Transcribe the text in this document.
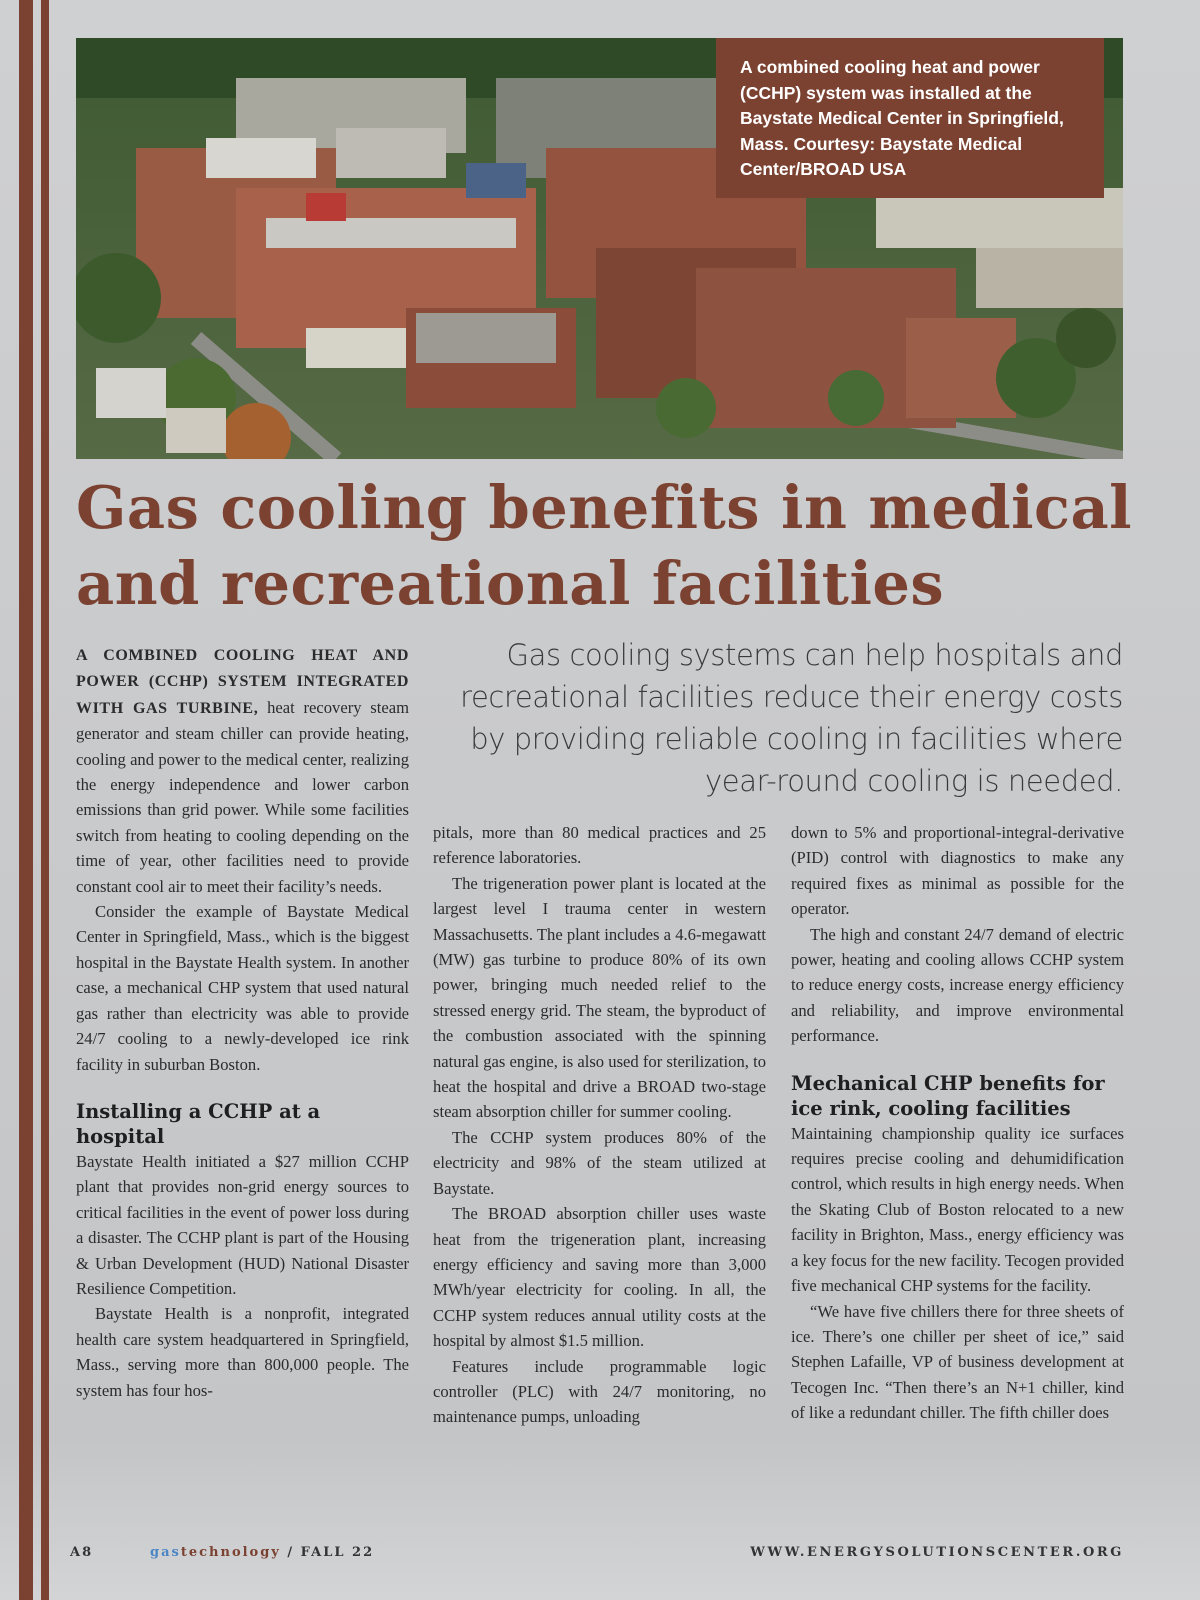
A combined cooling heat and power (CCHP) system was installed at the Baystate Medical Center in Springfield, Mass. Courtesy: Baystate Medical Center/BROAD USA
Gas cooling benefits in medical
and recreational facilities

Gas cooling systems can help hospitals and recreational facilities reduce their energy costs by providing reliable cooling in facilities where year-round cooling is needed.

A COMBINED COOLING HEAT AND POWER (CCHP) SYSTEM INTEGRATED WITH GAS TURBINE, heat recovery steam generator and steam chiller can provide heating, cooling and power to the medical center, realizing the energy independence and lower carbon emissions than grid power. While some facilities switch from heating to cooling depending on the time of year, other facilities need to provide constant cool air to meet their facility’s needs.

Consider the example of Baystate Medical Center in Springfield, Mass., which is the biggest hospital in the Baystate Health system. In another case, a mechanical CHP system that used natural gas rather than electricity was able to provide 24/7 cooling to a newly-developed ice rink facility in suburban Boston.

Installing a CCHP at a hospital

Baystate Health initiated a $27 million CCHP plant that provides non-grid energy sources to critical facilities in the event of power loss during a disaster. The CCHP plant is part of the Housing & Urban Development (HUD) National Disaster Resilience Competition.

Baystate Health is a nonprofit, integrated health care system headquartered in Springfield, Mass., serving more than 800,000 people. The system has four hos-

pitals, more than 80 medical practices and 25 reference laboratories.

The trigeneration power plant is located at the largest level I trauma center in western Massachusetts. The plant includes a 4.6-megawatt (MW) gas turbine to produce 80% of its own power, bringing much needed relief to the stressed energy grid. The steam, the byproduct of the combustion associated with the spinning natural gas engine, is also used for sterilization, to heat the hospital and drive a BROAD two-stage steam absorption chiller for summer cooling.

The CCHP system produces 80% of the electricity and 98% of the steam utilized at Baystate.

The BROAD absorption chiller uses waste heat from the trigeneration plant, increasing energy efficiency and saving more than 3,000 MWh/year electricity for cooling. In all, the CCHP system reduces annual utility costs at the hospital by almost $1.5 million.

Features include programmable logic controller (PLC) with 24/7 monitoring, no maintenance pumps, unloading

down to 5% and proportional-integral-derivative (PID) control with diagnostics to make any required fixes as minimal as possible for the operator.

The high and constant 24/7 demand of electric power, heating and cooling allows CCHP system to reduce energy costs, increase energy efficiency and reliability, and improve environmental performance.

Mechanical CHP benefits for ice rink, cooling facilities

Maintaining championship quality ice surfaces requires precise cooling and dehumidification control, which results in high energy needs. When the Skating Club of Boston relocated to a new facility in Brighton, Mass., energy efficiency was a key focus for the new facility. Tecogen provided five mechanical CHP systems for the facility.

“We have five chillers there for three sheets of ice. There’s one chiller per sheet of ice,” said Stephen Lafaille, VP of business development at Tecogen Inc. “Then there’s an N+1 chiller, kind of like a redundant chiller. The fifth chiller does

A8	gastechnology / FALL 22	WWW.ENERGYSOLUTIONSCENTER.ORG
